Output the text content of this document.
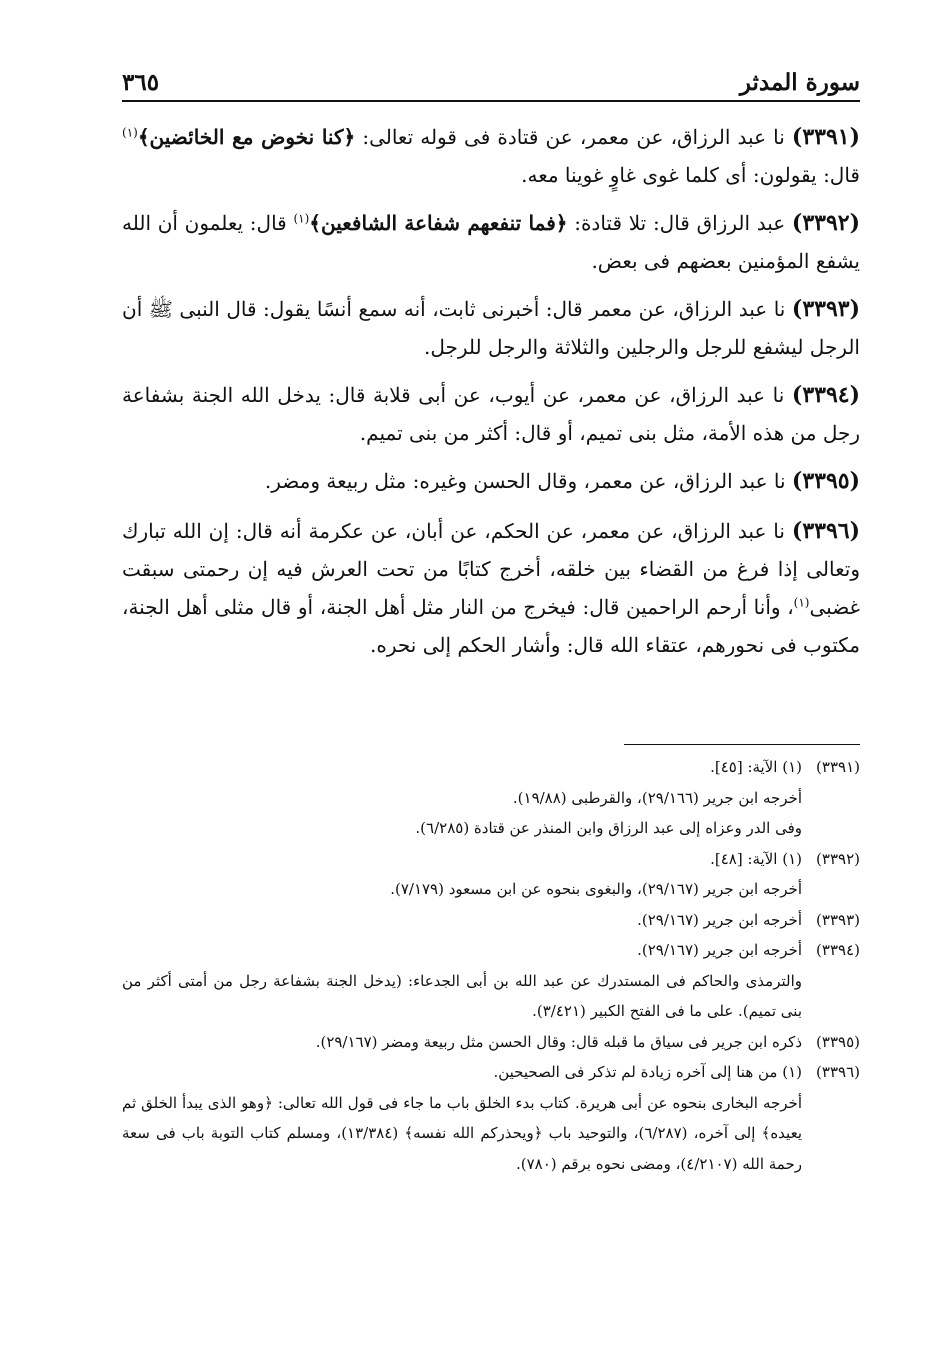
سورة المدثر
٣٦٥

(٣٣٩١) نا عبد الرزاق، عن معمر، عن قتادة فى قوله تعالى: ﴿كنا نخوض مع الخائضين﴾$^{(١)}$ قال: يقولون: أى كلما غوى غاوٍ غوينا معه.

(٣٣٩٢) عبد الرزاق قال: تلا قتادة: ﴿فما تنفعهم شفاعة الشافعين﴾$^{(١)}$ قال: يعلمون أن الله يشفع المؤمنين بعضهم فى بعض.

(٣٣٩٣) نا عبد الرزاق، عن معمر قال: أخبرنى ثابت، أنه سمع أنسًا يقول: قال النبى ﷺ أن الرجل ليشفع للرجل والرجلين والثلاثة والرجل للرجل.

(٣٣٩٤) نا عبد الرزاق، عن معمر، عن أيوب، عن أبى قلابة قال: يدخل الله الجنة بشفاعة رجل من هذه الأمة، مثل بنى تميم، أو قال: أكثر من بنى تميم.

(٣٣٩٥) نا عبد الرزاق، عن معمر، وقال الحسن وغيره: مثل ربيعة ومضر.

(٣٣٩٦) نا عبد الرزاق، عن معمر، عن الحكم، عن أبان، عن عكرمة أنه قال: إن الله تبارك وتعالى إذا فرغ من القضاء بين خلقه، أخرج كتابًا من تحت العرش فيه إن رحمتى سبقت غضبى$^{(١)}$، وأنا أرحم الراحمين قال: فيخرج من النار مثل أهل الجنة، أو قال مثلى أهل الجنة، مكتوب فى نحورهم، عتقاء الله قال: وأشار الحكم إلى نحره.

(٣٣٩١)(١) الآية: [٤٥].
أخرجه ابن جرير (٢٩/١٦٦)، والقرطبى (١٩/٨٨).
وفى الدر وعزاه إلى عبد الرزاق وابن المنذر عن قتادة (٦/٢٨٥).
(٣٣٩٢)(١) الآية: [٤٨].
أخرجه ابن جرير (٢٩/١٦٧)، والبغوى بنحوه عن ابن مسعود (٧/١٧٩).
(٣٣٩٣)أخرجه ابن جرير (٢٩/١٦٧).
(٣٣٩٤)أخرجه ابن جرير (٢٩/١٦٧).
والترمذى والحاكم فى المستدرك عن عبد الله بن أبى الجدعاء: (يدخل الجنة بشفاعة رجل من أمتى أكثر من بنى تميم). على ما فى الفتح الكبير (٣/٤٢١).
(٣٣٩٥)ذكره ابن جرير فى سياق ما قبله قال: وقال الحسن مثل ربيعة ومضر (٢٩/١٦٧).
(٣٣٩٦)(١) من هنا إلى آخره زيادة لم تذكر فى الصحيحين.
أخرجه البخارى بنحوه عن أبى هريرة. كتاب بدء الخلق باب ما جاء فى قول الله تعالى: ﴿وهو الذى يبدأ الخلق ثم يعيده﴾ إلى آخره، (٦/٢٨٧)، والتوحيد باب ﴿ويحذركم الله نفسه﴾ (١٣/٣٨٤)، ومسلم كتاب التوبة باب فى سعة رحمة الله (٤/٢١٠٧)، ومضى نحوه برقم (٧٨٠).
